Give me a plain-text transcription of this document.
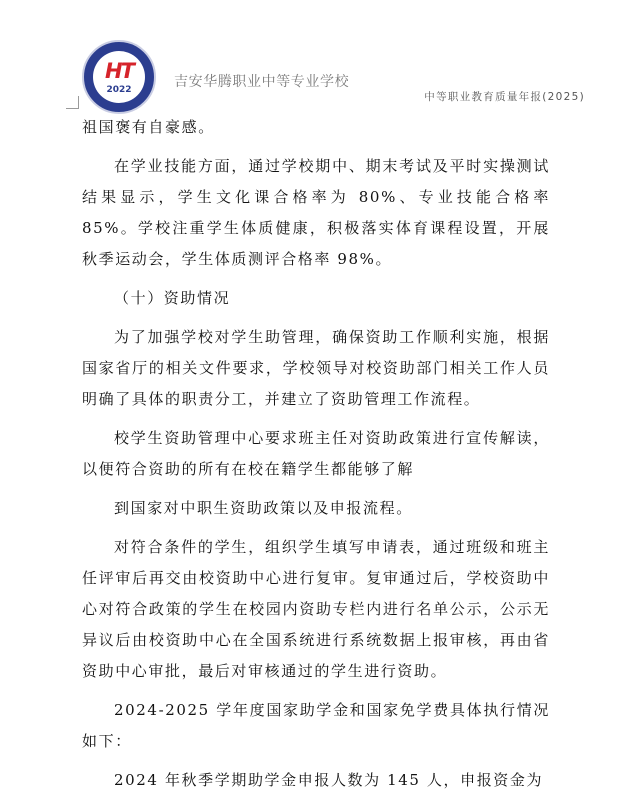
HT
2022	吉安华腾职业中等专业学校
中等职业教育质量年报(2025)

祖国褒有自豪感。

在学业技能方面，通过学校期中、期末考试及平时实操测试结果显示，学生文化课合格率为 80%、专业技能合格率 85%。学校注重学生体质健康，积极落实体育课程设置，开展秋季运动会，学生体质测评合格率 98%。

（十）资助情况

为了加强学校对学生助管理，确保资助工作顺利实施，根据国家省厅的相关文件要求，学校领导对校资助部门相关工作人员明确了具体的职责分工，并建立了资助管理工作流程。

校学生资助管理中心要求班主任对资助政策进行宣传解读，以便符合资助的所有在校在籍学生都能够了解

到国家对中职生资助政策以及申报流程。

对符合条件的学生，组织学生填写申请表，通过班级和班主任评审后再交由校资助中心进行复审。复审通过后，学校资助中心对符合政策的学生在校园内资助专栏内进行名单公示，公示无异议后由校资助中心在全国系统进行系统数据上报审核，再由省资助中心审批，最后对审核通过的学生进行资助。

2024-2025 学年度国家助学金和国家免学费具体执行情况如下：

2024 年秋季学期助学金申报人数为 145 人，申报资金为
